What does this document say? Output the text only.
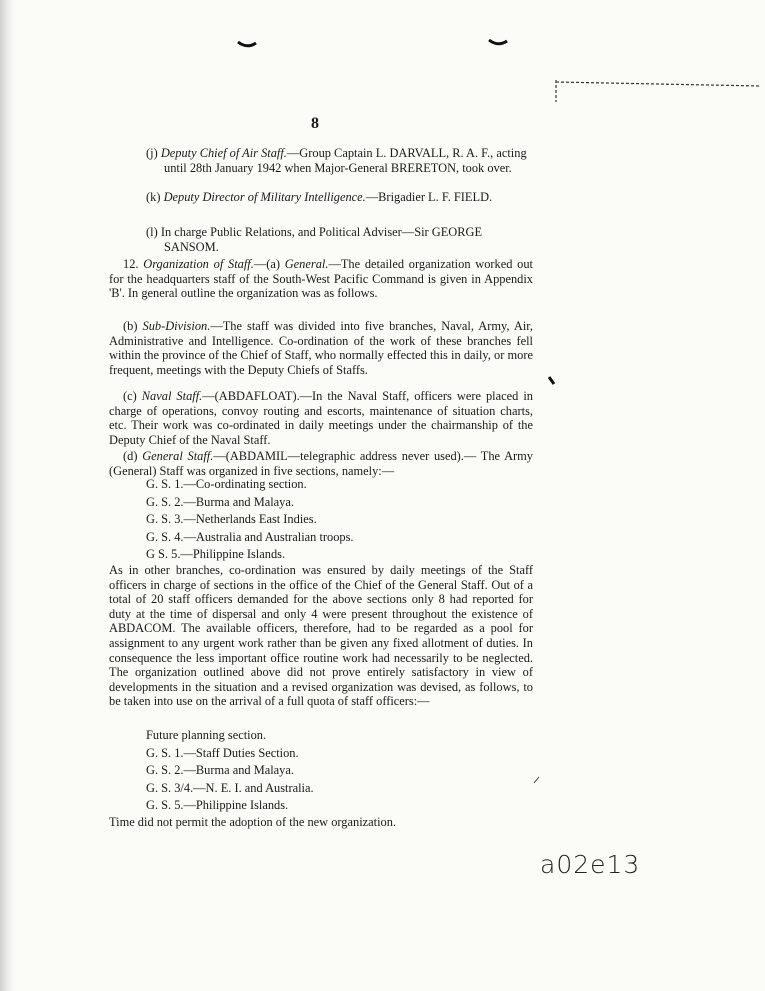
8
(j) Deputy Chief of Air Staff.—Group Captain L. DARVALL, R. A. F., acting until 28th January 1942 when Major-General BRERETON, took over.
(k) Deputy Director of Military Intelligence.—Brigadier L. F. FIELD.
(l) In charge Public Relations, and Political Adviser—Sir GEORGE SANSOM.
12. Organization of Staff.—(a) General.—The detailed organization worked out for the headquarters staff of the South-West Pacific Command is given in Appendix 'B'. In general outline the organization was as follows.
(b) Sub-Division.—The staff was divided into five branches, Naval, Army, Air, Administrative and Intelligence. Co-ordination of the work of these branches fell within the province of the Chief of Staff, who normally effected this in daily, or more frequent, meetings with the Deputy Chiefs of Staffs.
(c) Naval Staff.—(ABDAFLOAT).—In the Naval Staff, officers were placed in charge of operations, convoy routing and escorts, maintenance of situation charts, etc. Their work was co-ordinated in daily meetings under the chairmanship of the Deputy Chief of the Naval Staff.
(d) General Staff.—(ABDAMIL—telegraphic address never used).— The Army (General) Staff was organized in five sections, namely:—
G. S. 1.—Co-ordinating section.
G. S. 2.—Burma and Malaya.
G. S. 3.—Netherlands East Indies.
G. S. 4.—Australia and Australian troops.
G S. 5.—Philippine Islands.
As in other branches, co-ordination was ensured by daily meetings of the Staff officers in charge of sections in the office of the Chief of the General Staff. Out of a total of 20 staff officers demanded for the above sections only 8 had reported for duty at the time of dispersal and only 4 were present throughout the existence of ABDACOM. The available officers, therefore, had to be regarded as a pool for assignment to any urgent work rather than be given any fixed allotment of duties. In consequence the less important office routine work had necessarily to be neglected. The organization outlined above did not prove entirely satisfactory in view of developments in the situation and a revised organization was devised, as follows, to be taken into use on the arrival of a full quota of staff officers:—
Future planning section.
G. S. 1.—Staff Duties Section.
G. S. 2.—Burma and Malaya.
G. S. 3/4.—N. E. I. and Australia.
G. S. 5.—Philippine Islands.
Time did not permit the adoption of the new organization.
a02e13
